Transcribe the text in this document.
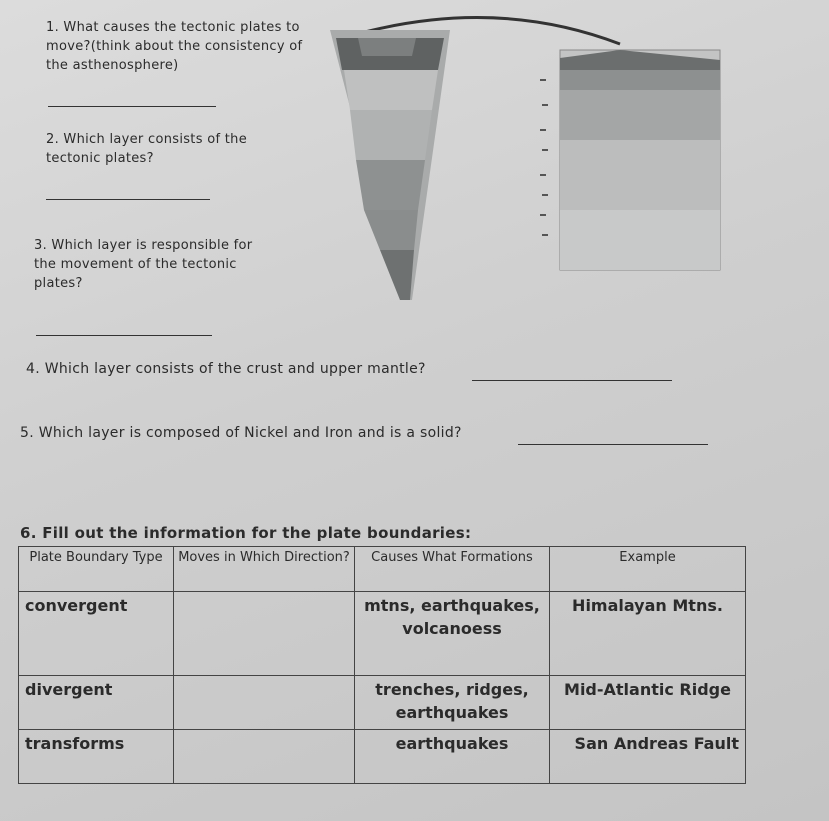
1. What causes the tectonic plates to move?(think about the consistency of the asthenosphere)
2. Which layer consists of the tectonic plates?
3. Which layer is responsible for the movement of the tectonic plates?
4. Which layer consists of the crust and upper mantle?
5. Which layer is composed of Nickel and Iron and is a solid?
6. Fill out the information for the plate boundaries:
Plate Boundary Type	Moves in Which Direction?	Causes What Formations	Example
convergent		mtns, earthquakes, volcanoess	Himalayan Mtns.
divergent		trenches, ridges, earthquakes	Mid-Atlantic Ridge
transforms		earthquakes	San Andreas Fault
